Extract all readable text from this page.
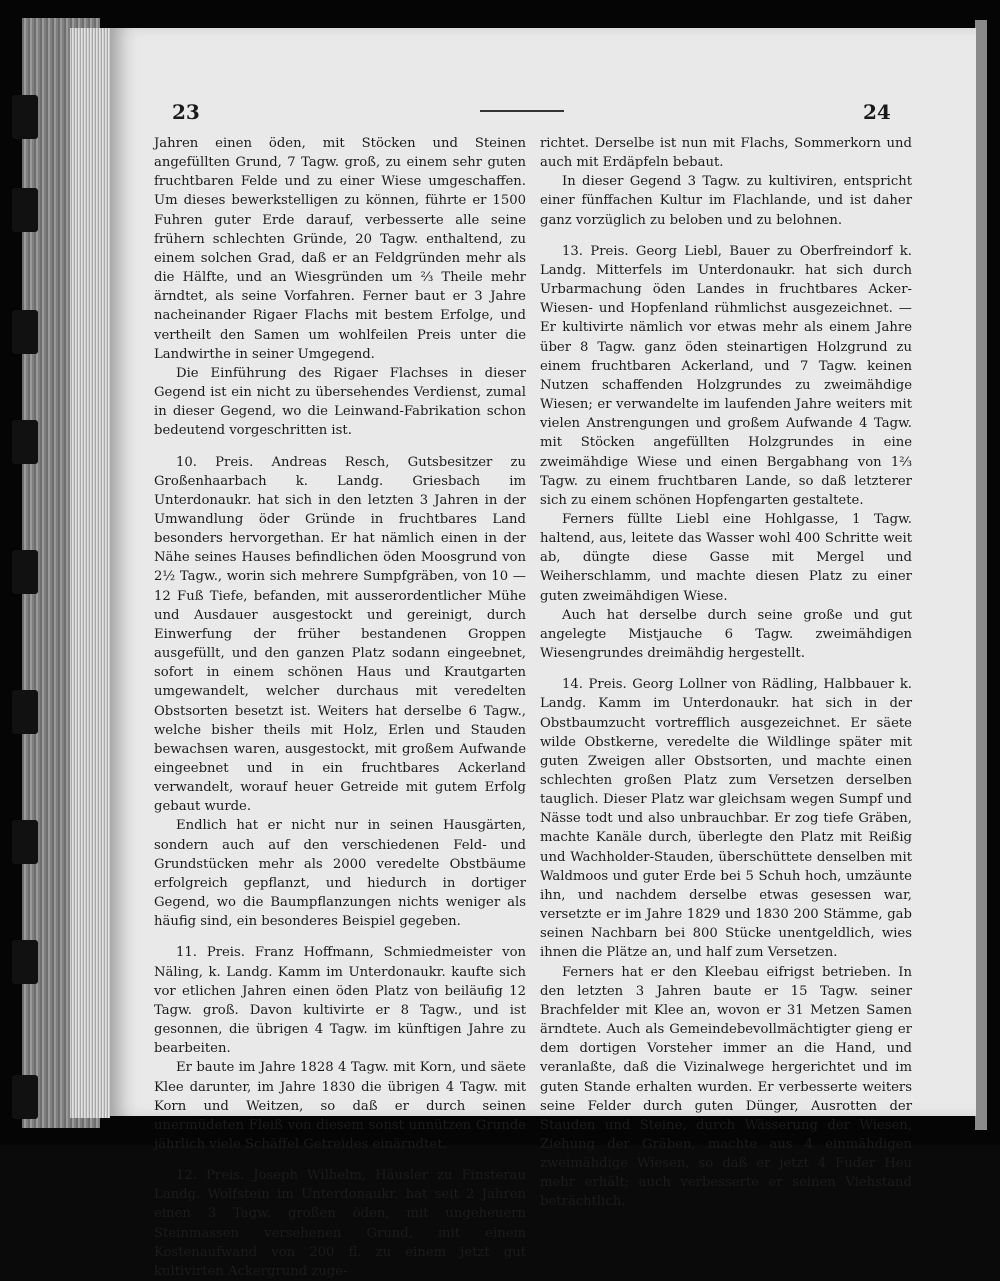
23	24

Jahren einen öden, mit Stöcken und Steinen angefüllten Grund, 7 Tagw. groß, zu einem sehr guten fruchtbaren Felde und zu einer Wiese umgeschaffen. Um dieses bewerkstelligen zu können, führte er 1500 Fuhren guter Erde darauf, verbesserte alle seine frühern schlechten Gründe, 20 Tagw. enthaltend, zu einem solchen Grad, daß er an Feldgründen mehr als die Hälfte, und an Wiesgründen um ⅔ Theile mehr ärndtet, als seine Vorfahren. Ferner baut er 3 Jahre nacheinander Rigaer Flachs mit bestem Erfolge, und vertheilt den Samen um wohlfeilen Preis unter die Landwirthe in seiner Umgegend.

Die Einführung des Rigaer Flachses in dieser Gegend ist ein nicht zu übersehendes Verdienst, zumal in dieser Gegend, wo die Leinwand-Fabrikation schon bedeutend vorgeschritten ist.

10. Preis. Andreas Resch, Gutsbesitzer zu Großenhaarbach k. Landg. Griesbach im Unterdonaukr. hat sich in den letzten 3 Jahren in der Umwandlung öder Gründe in fruchtbares Land besonders hervorgethan. Er hat nämlich einen in der Nähe seines Hauses befindlichen öden Moosgrund von 2½ Tagw., worin sich mehrere Sumpfgräben, von 10 — 12 Fuß Tiefe, befanden, mit ausserordentlicher Mühe und Ausdauer ausgestockt und gereinigt, durch Einwerfung der früher bestandenen Groppen ausgefüllt, und den ganzen Platz sodann eingeebnet, sofort in einem schönen Haus und Krautgarten umgewandelt, welcher durchaus mit veredelten Obstsorten besetzt ist. Weiters hat derselbe 6 Tagw., welche bisher theils mit Holz, Erlen und Stauden bewachsen waren, ausgestockt, mit großem Aufwande eingeebnet und in ein fruchtbares Ackerland verwandelt, worauf heuer Getreide mit gutem Erfolg gebaut wurde.

Endlich hat er nicht nur in seinen Hausgärten, sondern auch auf den verschiedenen Feld- und Grundstücken mehr als 2000 veredelte Obstbäume erfolgreich gepflanzt, und hiedurch in dortiger Gegend, wo die Baumpflanzungen nichts weniger als häufig sind, ein besonderes Beispiel gegeben.

11. Preis. Franz Hoffmann, Schmiedmeister von Näling, k. Landg. Kamm im Unterdonaukr. kaufte sich vor etlichen Jahren einen öden Platz von beiläufig 12 Tagw. groß. Davon kultivirte er 8 Tagw., und ist gesonnen, die übrigen 4 Tagw. im künftigen Jahre zu bearbeiten.

Er baute im Jahre 1828 4 Tagw. mit Korn, und säete Klee darunter, im Jahre 1830 die übrigen 4 Tagw. mit Korn und Weitzen, so daß er durch seinen unermüdeten Fleiß von diesem sonst unnützen Grunde jährlich viele Schäffel Getreides einärndtet.

12. Preis. Joseph Wilhelm, Häusler zu Finsterau Landg. Wolfstein im Unterdonaukr. hat seit 2 Jahren einen 3 Tagw. großen öden, mit ungeheuern Steinmassen versehenen Grund, mit einem Kostenaufwand von 200 fl. zu einem jetzt gut kultivirten Ackergrund zuge-

richtet. Derselbe ist nun mit Flachs, Sommerkorn und auch mit Erdäpfeln bebaut.

In dieser Gegend 3 Tagw. zu kultiviren, entspricht einer fünffachen Kultur im Flachlande, und ist daher ganz vorzüglich zu beloben und zu belohnen.

13. Preis. Georg Liebl, Bauer zu Oberfreindorf k. Landg. Mitterfels im Unterdonaukr. hat sich durch Urbarmachung öden Landes in fruchtbares Acker- Wiesen- und Hopfenland rühmlichst ausgezeichnet. — Er kultivirte nämlich vor etwas mehr als einem Jahre über 8 Tagw. ganz öden steinartigen Holzgrund zu einem fruchtbaren Ackerland, und 7 Tagw. keinen Nutzen schaffenden Holzgrundes zu zweimähdige Wiesen; er verwandelte im laufenden Jahre weiters mit vielen Anstrengungen und großem Aufwande 4 Tagw. mit Stöcken angefüllten Holzgrundes in eine zweimähdige Wiese und einen Bergabhang von 1⅔ Tagw. zu einem fruchtbaren Lande, so daß letzterer sich zu einem schönen Hopfengarten gestaltete.

Ferners füllte Liebl eine Hohlgasse, 1 Tagw. haltend, aus, leitete das Wasser wohl 400 Schritte weit ab, düngte diese Gasse mit Mergel und Weiherschlamm, und machte diesen Platz zu einer guten zweimähdigen Wiese.

Auch hat derselbe durch seine große und gut angelegte Mistjauche 6 Tagw. zweimähdigen Wiesengrundes dreimähdig hergestellt.

14. Preis. Georg Lollner von Rädling, Halbbauer k. Landg. Kamm im Unterdonaukr. hat sich in der Obstbaumzucht vortrefflich ausgezeichnet. Er säete wilde Obstkerne, veredelte die Wildlinge später mit guten Zweigen aller Obstsorten, und machte einen schlechten großen Platz zum Versetzen derselben tauglich. Dieser Platz war gleichsam wegen Sumpf und Nässe todt und also unbrauchbar. Er zog tiefe Gräben, machte Kanäle durch, überlegte den Platz mit Reißig und Wachholder-Stauden, überschüttete denselben mit Waldmoos und guter Erde bei 5 Schuh hoch, umzäunte ihn, und nachdem derselbe etwas gesessen war, versetzte er im Jahre 1829 und 1830 200 Stämme, gab seinen Nachbarn bei 800 Stücke unentgeldlich, wies ihnen die Plätze an, und half zum Versetzen.

Ferners hat er den Kleebau eifrigst betrieben. In den letzten 3 Jahren baute er 15 Tagw. seiner Brachfelder mit Klee an, wovon er 31 Metzen Samen ärndtete. Auch als Gemeindebevollmächtigter gieng er dem dortigen Vorsteher immer an die Hand, und veranlaßte, daß die Vizinalwege hergerichtet und im guten Stande erhalten wurden. Er verbesserte weiters seine Felder durch guten Dünger, Ausrotten der Stauden und Steine, durch Wässerung der Wiesen, Ziehung der Gräben, machte aus 4 einmähdigen zweimähdige Wiesen, so daß er jetzt 4 Fuder Heu mehr erhält; auch verbesserte er seinen Viehstand beträchtlich.
